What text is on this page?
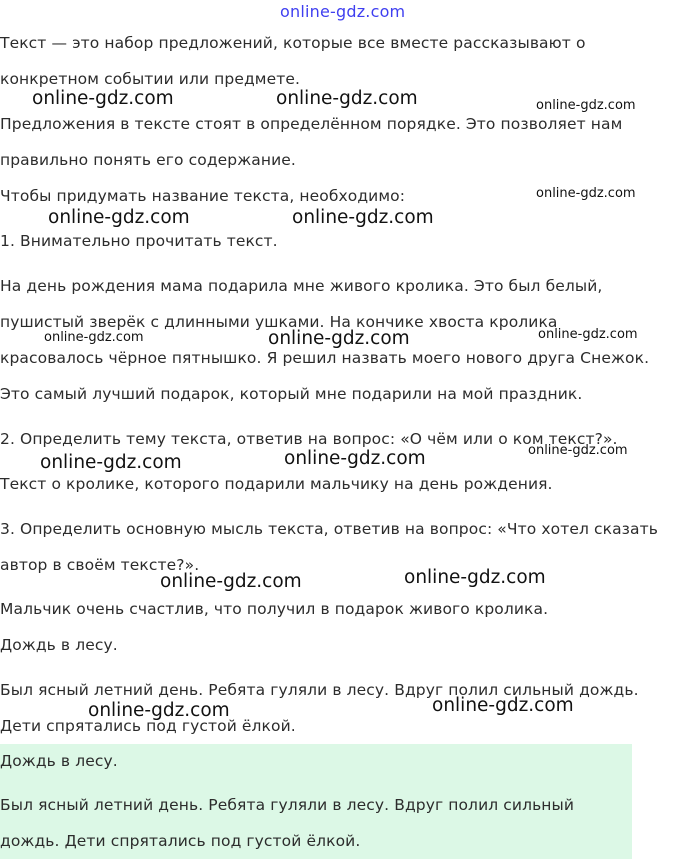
online-gdz.com

Текст — это набор предложений, которые все вместе рассказывают о

конкретном событии или предмете.

Предложения в тексте стоят в определённом порядке. Это позволяет нам

правильно понять его содержание.

Чтобы придумать название текста, необходимо:

1. Внимательно прочитать текст.

На день рождения мама подарила мне живого кролика. Это был белый,

пушистый зверёк с длинными ушками. На кончике хвоста кролика

красовалось чёрное пятнышко. Я решил назвать моего нового друга Снежок.

Это самый лучший подарок, который мне подарили на мой праздник.

2. Определить тему текста, ответив на вопрос: «О чём или о ком текст?».

Текст о кролике, которого подарили мальчику на день рождения.

3. Определить основную мысль текста, ответив на вопрос: «Что хотел сказать

автор в своём тексте?».

Мальчик очень счастлив, что получил в подарок живого кролика.

Дождь в лесу.

Был ясный летний день. Ребята гуляли в лесу. Вдруг полил сильный дождь.

Дети спрятались под густой ёлкой.

Дождь в лесу.

Был ясный летний день. Ребята гуляли в лесу. Вдруг полил сильный

дождь. Дети спрятались под густой ёлкой.

online-gdz.com	online-gdz.com	online-gdz.com
online-gdz.com
online-gdz.com	online-gdz.com
online-gdz.com	online-gdz.com	online-gdz.com
online-gdz.com
online-gdz.com	online-gdz.com
online-gdz.com	online-gdz.com
online-gdz.com	online-gdz.com
